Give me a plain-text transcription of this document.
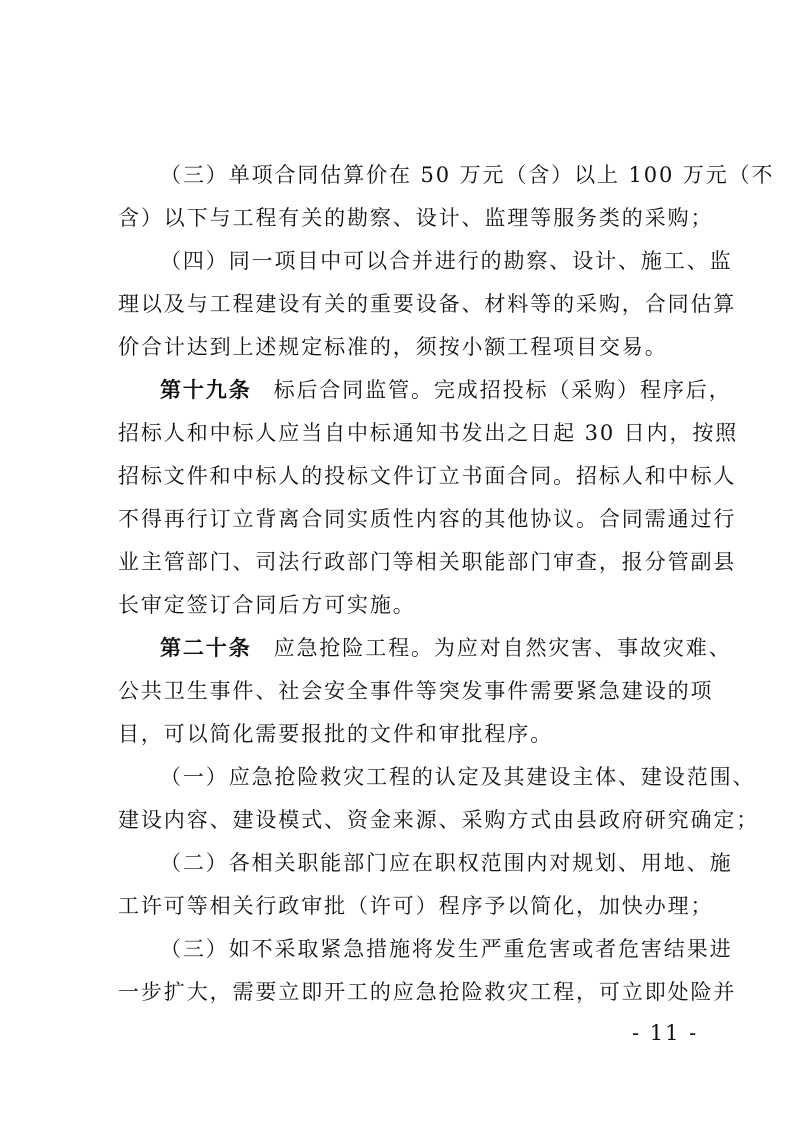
（三）单项合同估算价在 50 万元（含）以上 100 万元（不
含）以下与工程有关的勘察、设计、监理等服务类的采购；
（四）同一项目中可以合并进行的勘察、设计、施工、监
理以及与工程建设有关的重要设备、材料等的采购，合同估算
价合计达到上述规定标准的，须按小额工程项目交易。
第十九条 标后合同监管。完成招投标（采购）程序后，
招标人和中标人应当自中标通知书发出之日起 30 日内，按照
招标文件和中标人的投标文件订立书面合同。招标人和中标人
不得再行订立背离合同实质性内容的其他协议。合同需通过行
业主管部门、司法行政部门等相关职能部门审查，报分管副县
长审定签订合同后方可实施。
第二十条 应急抢险工程。为应对自然灾害、事故灾难、
公共卫生事件、社会安全事件等突发事件需要紧急建设的项
目，可以简化需要报批的文件和审批程序。
（一）应急抢险救灾工程的认定及其建设主体、建设范围、
建设内容、建设模式、资金来源、采购方式由县政府研究确定；
（二）各相关职能部门应在职权范围内对规划、用地、施
工许可等相关行政审批（许可）程序予以简化，加快办理；
（三）如不采取紧急措施将发生严重危害或者危害结果进
一步扩大，需要立即开工的应急抢险救灾工程，可立即处险并
- 11 -
